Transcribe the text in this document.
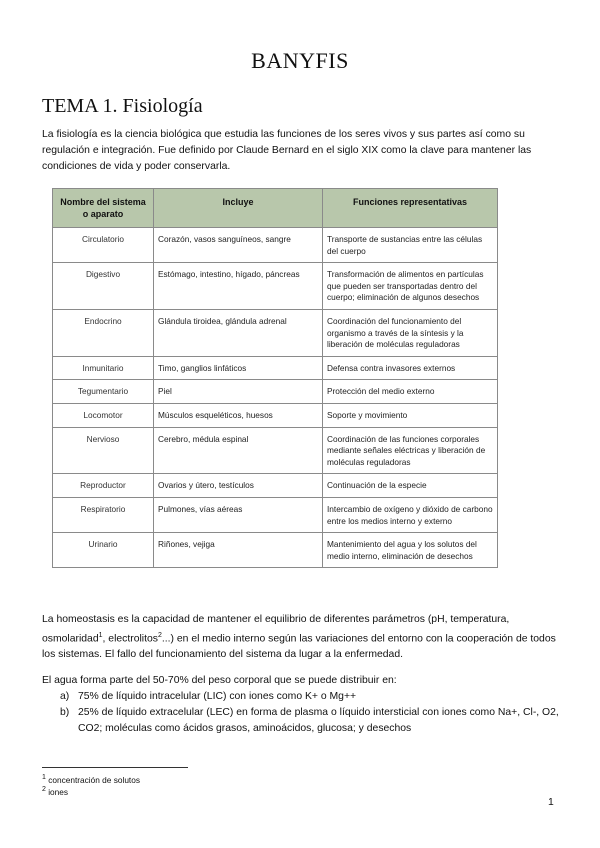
BANYFIS
TEMA 1. Fisiología
La fisiología es la ciencia biológica que estudia las funciones de los seres vivos y sus partes así como su regulación e integración. Fue definido por Claude Bernard en el siglo XIX como la clave para mantener las condiciones de vida y poder conservarla.
Nombre del sistema o aparato	Incluye	Funciones representativas
Circulatorio	Corazón, vasos sanguíneos, sangre	Transporte de sustancias entre las células del cuerpo
Digestivo	Estómago, intestino, hígado, páncreas	Transformación de alimentos en partículas que pueden ser transportadas dentro del cuerpo; eliminación de algunos desechos
Endocrino	Glándula tiroidea, glándula adrenal	Coordinación del funcionamiento del organismo a través de la síntesis y la liberación de moléculas reguladoras
Inmunitario	Timo, ganglios linfáticos	Defensa contra invasores externos
Tegumentario	Piel	Protección del medio externo
Locomotor	Músculos esqueléticos, huesos	Soporte y movimiento
Nervioso	Cerebro, médula espinal	Coordinación de las funciones corporales mediante señales eléctricas y liberación de moléculas reguladoras
Reproductor	Ovarios y útero, testículos	Continuación de la especie
Respiratorio	Pulmones, vías aéreas	Intercambio de oxígeno y dióxido de carbono entre los medios interno y externo
Urinario	Riñones, vejiga	Mantenimiento del agua y los solutos del medio interno, eliminación de desechos
La homeostasis es la capacidad de mantener el equilibrio de diferentes parámetros (pH, temperatura, osmolaridad$^1$, electrolitos$^2$...) en el medio interno según las variaciones del entorno con la cooperación de todos los sistemas. El fallo del funcionamiento del sistema da lugar a la enfermedad.
El agua forma parte del 50-70% del peso corporal que se puede distribuir en:
a) 75% de líquido intracelular (LIC) con iones como K+ o Mg++
b) 25% de líquido extracelular (LEC) en forma de plasma o líquido intersticial con iones como Na+, Cl-, O2, CO2; moléculas como ácidos grasos, aminoácidos, glucosa; y desechos
$^1$ concentración de solutos
$^2$ iones
1
